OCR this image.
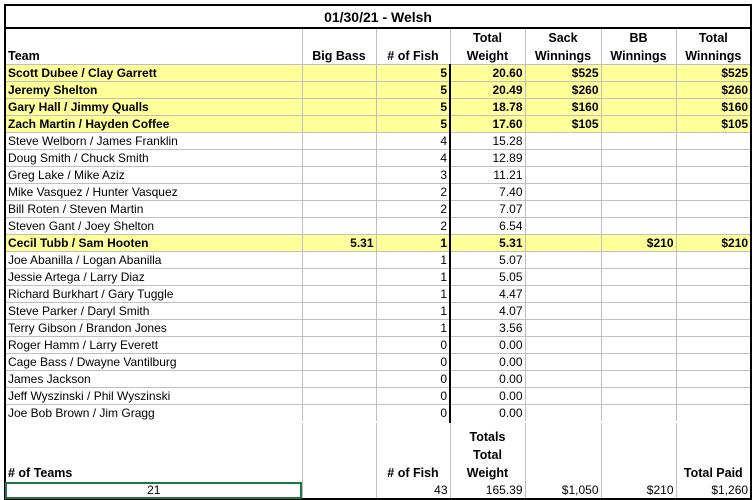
01/30/21 - Welsh						
			Total	Sack	BB	Total
Team	Big Bass	# of Fish	Weight	Winnings	Winnings	Winnings
Scott Dubee / Clay Garrett		5	20.60	$525		$525
Jeremy Shelton		5	20.49	$260		$260
Gary Hall / Jimmy Qualls		5	18.78	$160		$160
Zach Martin / Hayden Coffee		5	17.60	$105		$105
Steve Welborn / James Franklin		4	15.28			
Doug Smith / Chuck Smith		4	12.89			
Greg Lake / Mike Aziz		3	11.21			
Mike Vasquez / Hunter Vasquez		2	7.40			
Bill Roten / Steven Martin		2	7.07			
Steven Gant / Joey Shelton		2	6.54			
Cecil Tubb / Sam Hooten	5.31	1	5.31		$210	$210
Joe Abanilla / Logan Abanilla		1	5.07			
Jessie Artega / Larry Diaz		1	5.05			
Richard Burkhart / Gary Tuggle		1	4.47			
Steve Parker / Daryl Smith		1	4.07			
Terry Gibson / Brandon Jones		1	3.56			
Roger Hamm / Larry Everett		0	0.00			
Cage Bass / Dwayne Vantilburg		0	0.00			
James Jackson		0	0.00			
Jeff Wyszinski / Phil Wyszinski		0	0.00			
Joe Bob Brown / Jim Gragg		0	0.00			

			Totals			
			Total			
# of Teams		# of Fish	Weight			Total Paid
21		43	165.39	$1,050	$210	$1,260
